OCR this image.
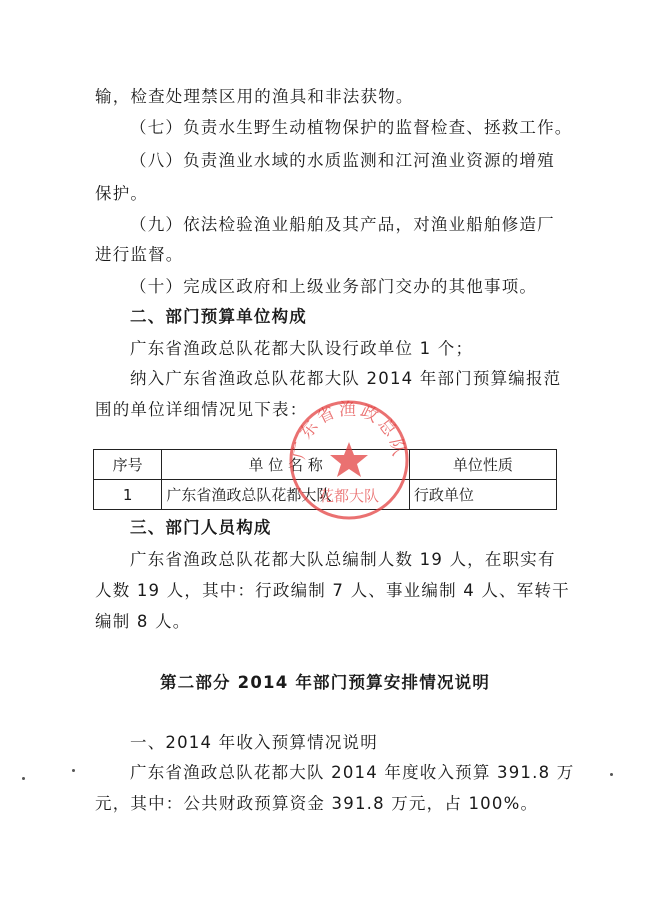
输，检查处理禁区用的渔具和非法获物。
（七）负责水生野生动植物保护的监督检查、拯救工作。
（八）负责渔业水域的水质监测和江河渔业资源的增殖
保护。
（九）依法检验渔业船舶及其产品，对渔业船舶修造厂
进行监督。
（十）完成区政府和上级业务部门交办的其他事项。
二、部门预算单位构成
广东省渔政总队花都大队设行政单位 1 个；
纳入广东省渔政总队花都大队 2014 年部门预算编报范
围的单位详细情况见下表：
序号	单 位 名 称	单位性质
1	广东省渔政总队花都大队	行政单位
广东省渔政总队
花都大队
三、部门人员构成
广东省渔政总队花都大队总编制人数 19 人，在职实有
人数 19 人，其中：行政编制 7 人、事业编制 4 人、军转干
编制 8 人。
第二部分 2014 年部门预算安排情况说明
一、2014 年收入预算情况说明
广东省渔政总队花都大队 2014 年度收入预算 391.8 万
元，其中：公共财政预算资金 391.8 万元，占 100%。
